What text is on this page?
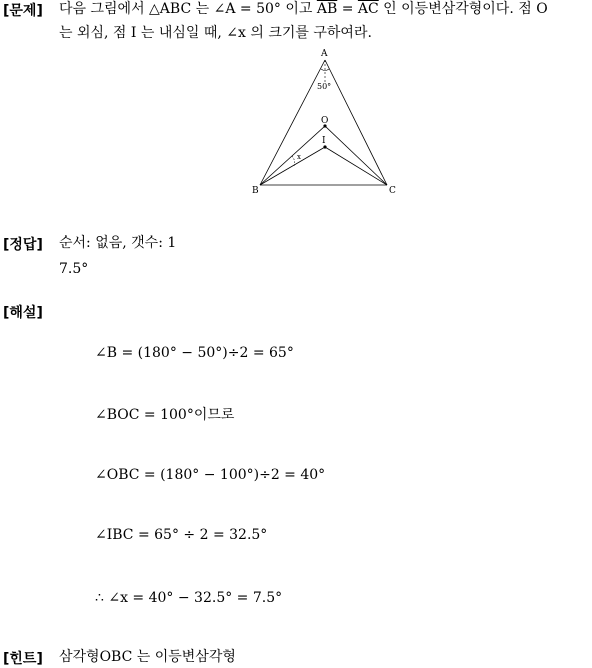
[문제] 다음 그림에서 △ABC 는 ∠A = 50° 이고 $\overline{AB} = \overline{AC}$ 인 이등변삼각형이다. 점 O
는 외심, 점 I 는 내심일 때, ∠x 의 크기를 구하여라.
A
B	C
O
I
50°
x
[정답] 순서: 없음, 갯수: 1
7.5°
[해설]
∠B = (180° − 50°)÷2 = 65°
∠BOC = 100°이므로
∠OBC = (180° − 100°)÷2 = 40°
∠IBC = 65° ÷ 2 = 32.5°
∴ ∠x = 40° − 32.5° = 7.5°
[힌트] 삼각형OBC 는 이등변삼각형
